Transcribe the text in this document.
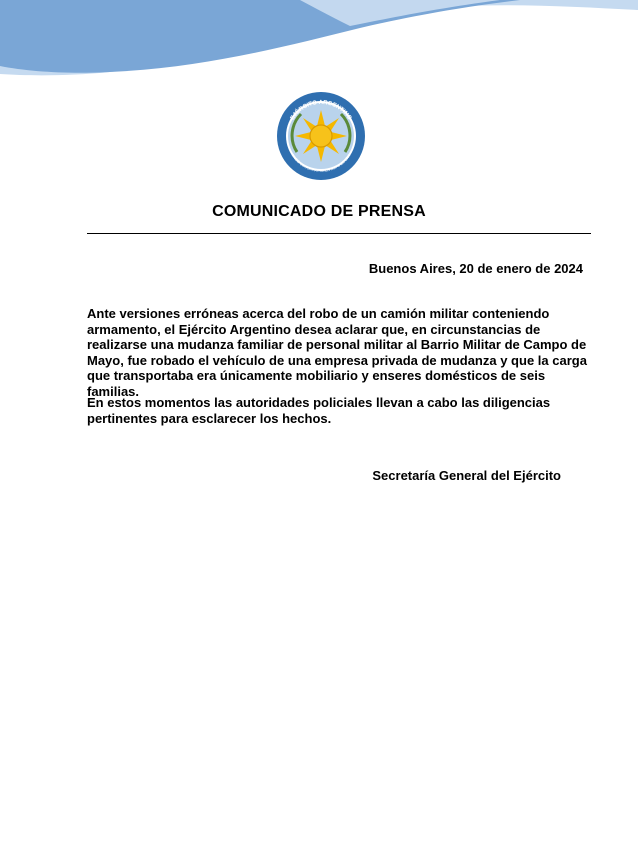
EJÉRCITO ARGENTINO
NACIÓ CON LA PATRIA EN MAYO DE 1810
COMUNICADO DE PRENSA
Buenos Aires, 20 de enero de 2024

Ante versiones erróneas acerca del robo de un camión militar conteniendo armamento, el Ejército Argentino desea aclarar que, en circunstancias de realizarse una mudanza familiar de personal militar al Barrio Militar de Campo de Mayo, fue robado el vehículo de una empresa privada de mudanza y que la carga que transportaba era únicamente mobiliario y enseres domésticos de seis familias.

En estos momentos las autoridades policiales llevan a cabo las diligencias pertinentes para esclarecer los hechos.

Secretaría General del Ejército
